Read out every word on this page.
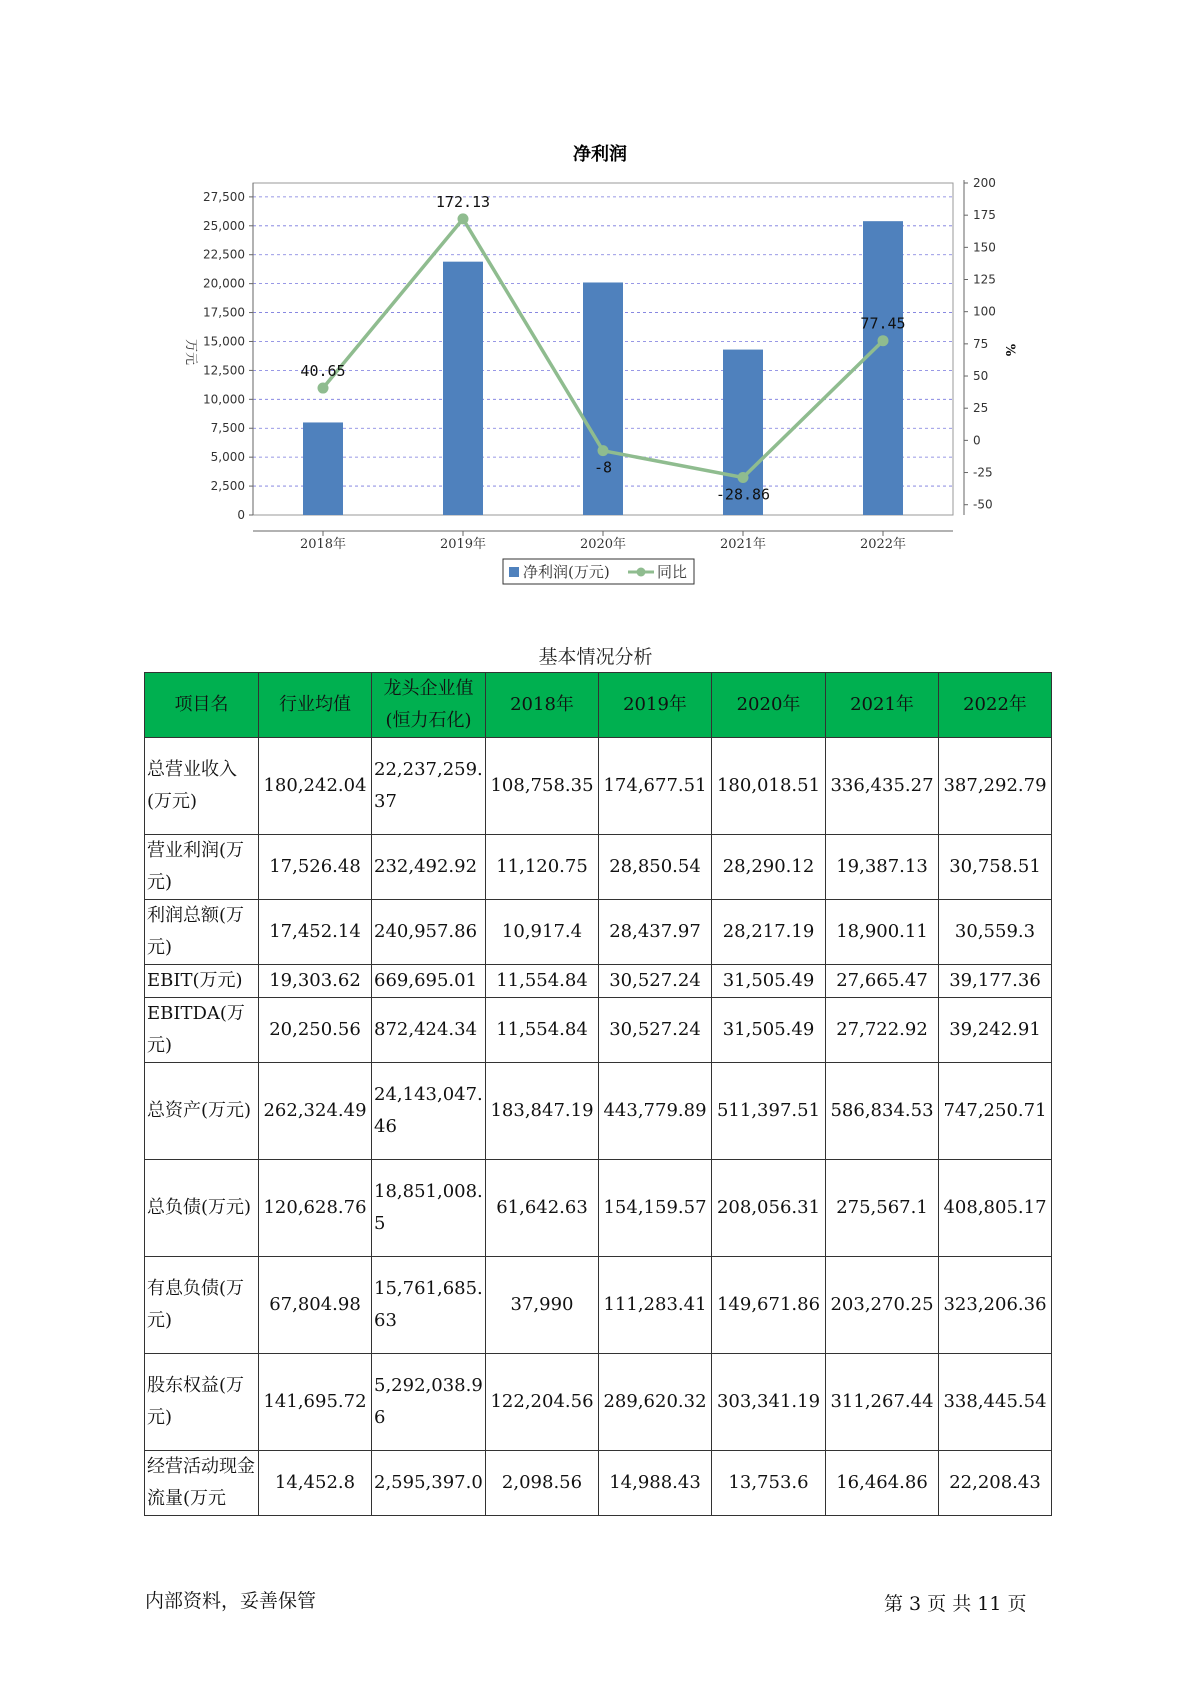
净利润
0
2,500
5,000
7,500
10,000
12,500
15,000
17,500
20,000
22,500
25,000
27,500
-50
-25
0
25
50
75
100
125
150
175
200
万元	%
2018年	2019年	2020年	2021年	2022年
40.65
172.13
-8
-28.86
77.45
净利润(万元)	同比
基本情况分析
项目名	行业均值	龙头企业值(恒力石化)	2018年	2019年	2020年	2021年	2022年
总营业收入(万元)	180,242.04	22,237,259.37	108,758.35	174,677.51	180,018.51	336,435.27	387,292.79
营业利润(万元)	17,526.48	232,492.92	11,120.75	28,850.54	28,290.12	19,387.13	30,758.51
利润总额(万元)	17,452.14	240,957.86	10,917.4	28,437.97	28,217.19	18,900.11	30,559.3
EBIT(万元)	19,303.62	669,695.01	11,554.84	30,527.24	31,505.49	27,665.47	39,177.36
EBITDA(万元)	20,250.56	872,424.34	11,554.84	30,527.24	31,505.49	27,722.92	39,242.91
总资产(万元)	262,324.49	24,143,047.46	183,847.19	443,779.89	511,397.51	586,834.53	747,250.71
总负债(万元)	120,628.76	18,851,008.5	61,642.63	154,159.57	208,056.31	275,567.1	408,805.17
有息负债(万元)	67,804.98	15,761,685.63	37,990	111,283.41	149,671.86	203,270.25	323,206.36
股东权益(万元)	141,695.72	5,292,038.96	122,204.56	289,620.32	303,341.19	311,267.44	338,445.54
经营活动现金流量(万元	14,452.8	2,595,397.0	2,098.56	14,988.43	13,753.6	16,464.86	22,208.43
内部资料，妥善保管	第 3 页 共 11 页
